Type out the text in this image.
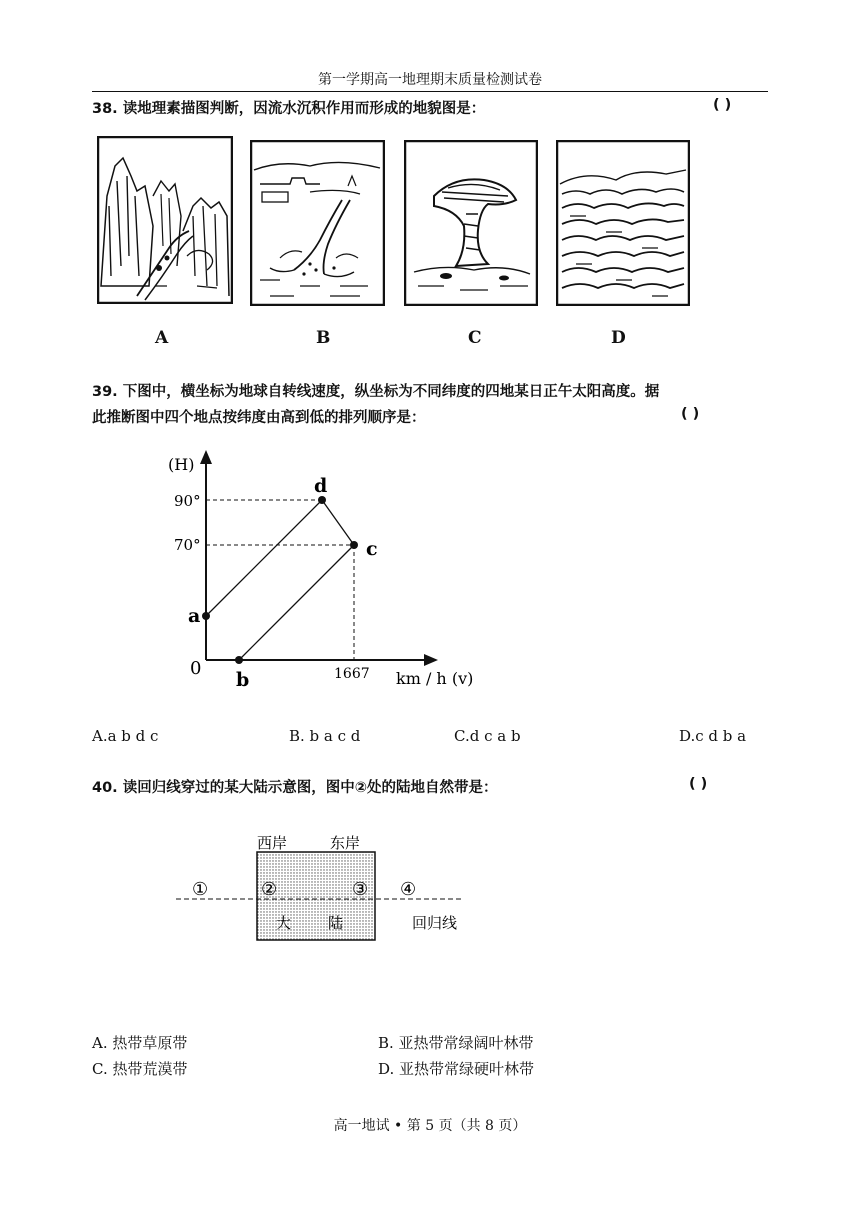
第一学期高一地理期末质量检测试卷
38. 读地理素描图判断，因流水沉积作用而形成的地貌图是：	( )
A	B	C	D
39. 下图中，横坐标为地球自转线速度，纵坐标为不同纬度的四地某日正午太阳高度。据
此推断图中四个地点按纬度由高到低的排列顺序是：	( )
(H)
90°
70°
0
a
b
c
d
1667 km / h (v)
A.a b d c	B. b a c d	C.d c a b	D.c d b a
40. 读回归线穿过的某大陆示意图，图中②处的陆地自然带是：	( )
西岸	东岸
①	②	③ ④
大 陆	回归线
A. 热带草原带	B. 亚热带常绿阔叶林带
C. 热带荒漠带	D. 亚热带常绿硬叶林带
高一地试 • 第 5 页（共 8 页）
